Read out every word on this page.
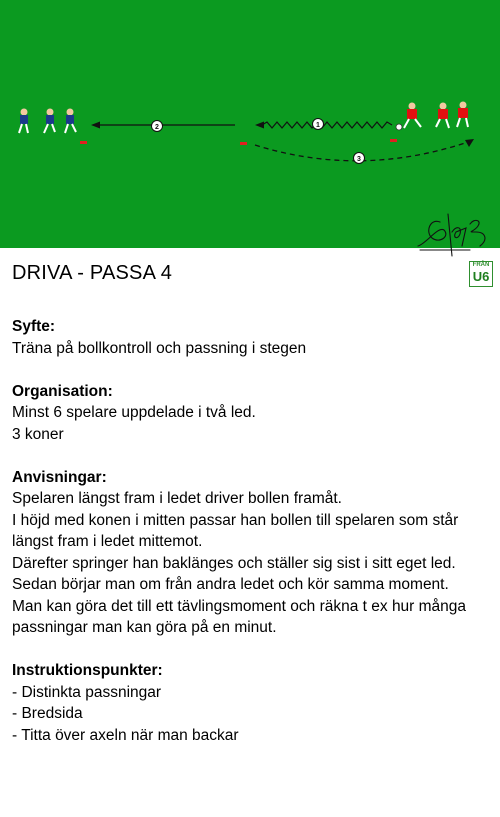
2	1
3
DRIVA - PASSA 4	FRÅN
U6
Syfte:

Träna på bollkontroll och passning i stegen

Organisation:

Minst 6 spelare uppdelade i två led.

3 koner

Anvisningar:

Spelaren längst fram i ledet driver bollen framåt.

I höjd med konen i mitten passar han bollen till spelaren som står längst fram i ledet mittemot.

Därefter springer han baklänges och ställer sig sist i sitt eget led.

Sedan börjar man om från andra ledet och kör samma moment.

Man kan göra det till ett tävlingsmoment och räkna t ex hur många passningar man kan göra på en minut.

Instruktionspunkter:

- Distinkta passningar

- Bredsida

- Titta över axeln när man backar
